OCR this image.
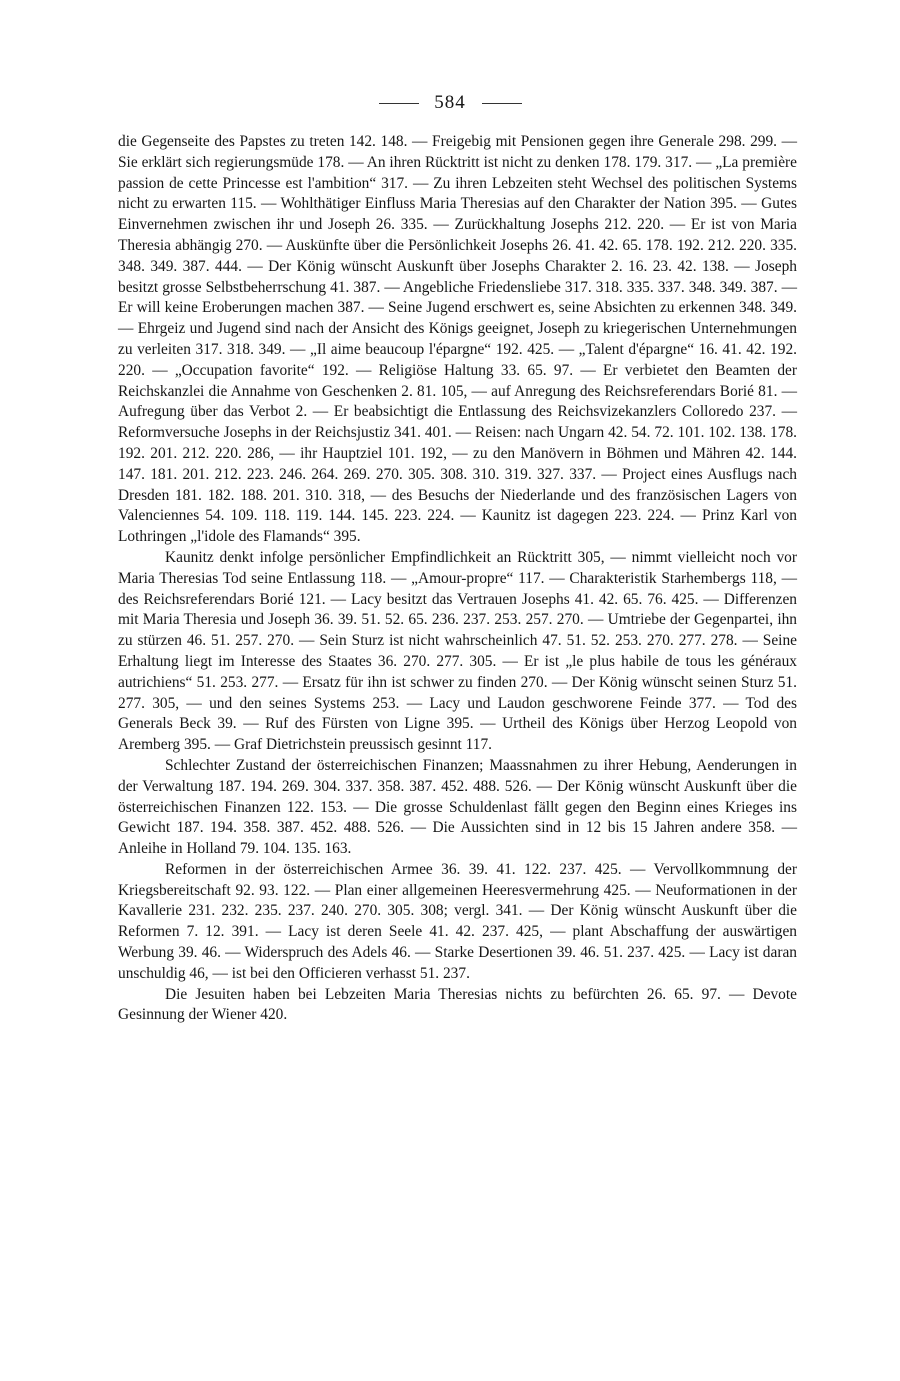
584

die Gegenseite des Papstes zu treten 142. 148. — Freigebig mit Pensionen gegen ihre Generale 298. 299. — Sie erklärt sich regierungsmüde 178. — An ihren Rücktritt ist nicht zu denken 178. 179. 317. — „La première passion de cette Princesse est l'ambition“ 317. — Zu ihren Lebzeiten steht Wechsel des politischen Systems nicht zu erwarten 115. — Wohlthätiger Einfluss Maria Theresias auf den Charakter der Nation 395. — Gutes Einvernehmen zwischen ihr und Joseph 26. 335. — Zurückhaltung Josephs 212. 220. — Er ist von Maria Theresia abhängig 270. — Auskünfte über die Persönlichkeit Josephs 26. 41. 42. 65. 178. 192. 212. 220. 335. 348. 349. 387. 444. — Der König wünscht Auskunft über Josephs Charakter 2. 16. 23. 42. 138. — Joseph besitzt grosse Selbstbeherrschung 41. 387. — Angebliche Friedensliebe 317. 318. 335. 337. 348. 349. 387. — Er will keine Eroberungen machen 387. — Seine Jugend erschwert es, seine Absichten zu erkennen 348. 349. — Ehrgeiz und Jugend sind nach der Ansicht des Königs geeignet, Joseph zu kriegerischen Unternehmungen zu verleiten 317. 318. 349. — „Il aime beaucoup l'épargne“ 192. 425. — „Talent d'épargne“ 16. 41. 42. 192. 220. — „Occupation favorite“ 192. — Religiöse Haltung 33. 65. 97. — Er verbietet den Beamten der Reichskanzlei die Annahme von Geschenken 2. 81. 105, — auf Anregung des Reichsreferendars Borié 81. — Aufregung über das Verbot 2. — Er beabsichtigt die Entlassung des Reichsvizekanzlers Colloredo 237. — Reformversuche Josephs in der Reichsjustiz 341. 401. — Reisen: nach Ungarn 42. 54. 72. 101. 102. 138. 178. 192. 201. 212. 220. 286, — ihr Hauptziel 101. 192, — zu den Manövern in Böhmen und Mähren 42. 144. 147. 181. 201. 212. 223. 246. 264. 269. 270. 305. 308. 310. 319. 327. 337. — Project eines Ausflugs nach Dresden 181. 182. 188. 201. 310. 318, — des Besuchs der Niederlande und des französischen Lagers von Valenciennes 54. 109. 118. 119. 144. 145. 223. 224. — Kaunitz ist dagegen 223. 224. — Prinz Karl von Lothringen „l'idole des Flamands“ 395.

Kaunitz denkt infolge persönlicher Empfindlichkeit an Rücktritt 305, — nimmt vielleicht noch vor Maria Theresias Tod seine Entlassung 118. — „Amour-propre“ 117. — Charakteristik Starhembergs 118, — des Reichsreferendars Borié 121. — Lacy besitzt das Vertrauen Josephs 41. 42. 65. 76. 425. — Differenzen mit Maria Theresia und Joseph 36. 39. 51. 52. 65. 236. 237. 253. 257. 270. — Umtriebe der Gegenpartei, ihn zu stürzen 46. 51. 257. 270. — Sein Sturz ist nicht wahrscheinlich 47. 51. 52. 253. 270. 277. 278. — Seine Erhaltung liegt im Interesse des Staates 36. 270. 277. 305. — Er ist „le plus habile de tous les généraux autrichiens“ 51. 253. 277. — Ersatz für ihn ist schwer zu finden 270. — Der König wünscht seinen Sturz 51. 277. 305, — und den seines Systems 253. — Lacy und Laudon geschworene Feinde 377. — Tod des Generals Beck 39. — Ruf des Fürsten von Ligne 395. — Urtheil des Königs über Herzog Leopold von Aremberg 395. — Graf Dietrichstein preussisch gesinnt 117.

Schlechter Zustand der österreichischen Finanzen; Maassnahmen zu ihrer Hebung, Aenderungen in der Verwaltung 187. 194. 269. 304. 337. 358. 387. 452. 488. 526. — Der König wünscht Auskunft über die österreichischen Finanzen 122. 153. — Die grosse Schuldenlast fällt gegen den Beginn eines Krieges ins Gewicht 187. 194. 358. 387. 452. 488. 526. — Die Aussichten sind in 12 bis 15 Jahren andere 358. — Anleihe in Holland 79. 104. 135. 163.

Reformen in der österreichischen Armee 36. 39. 41. 122. 237. 425. — Vervollkommnung der Kriegsbereitschaft 92. 93. 122. — Plan einer allgemeinen Heeresvermehrung 425. — Neuformationen in der Kavallerie 231. 232. 235. 237. 240. 270. 305. 308; vergl. 341. — Der König wünscht Auskunft über die Reformen 7. 12. 391. — Lacy ist deren Seele 41. 42. 237. 425, — plant Abschaffung der auswärtigen Werbung 39. 46. — Widerspruch des Adels 46. — Starke Desertionen 39. 46. 51. 237. 425. — Lacy ist daran unschuldig 46, — ist bei den Officieren verhasst 51. 237.

Die Jesuiten haben bei Lebzeiten Maria Theresias nichts zu befürchten 26. 65. 97. — Devote Gesinnung der Wiener 420.
